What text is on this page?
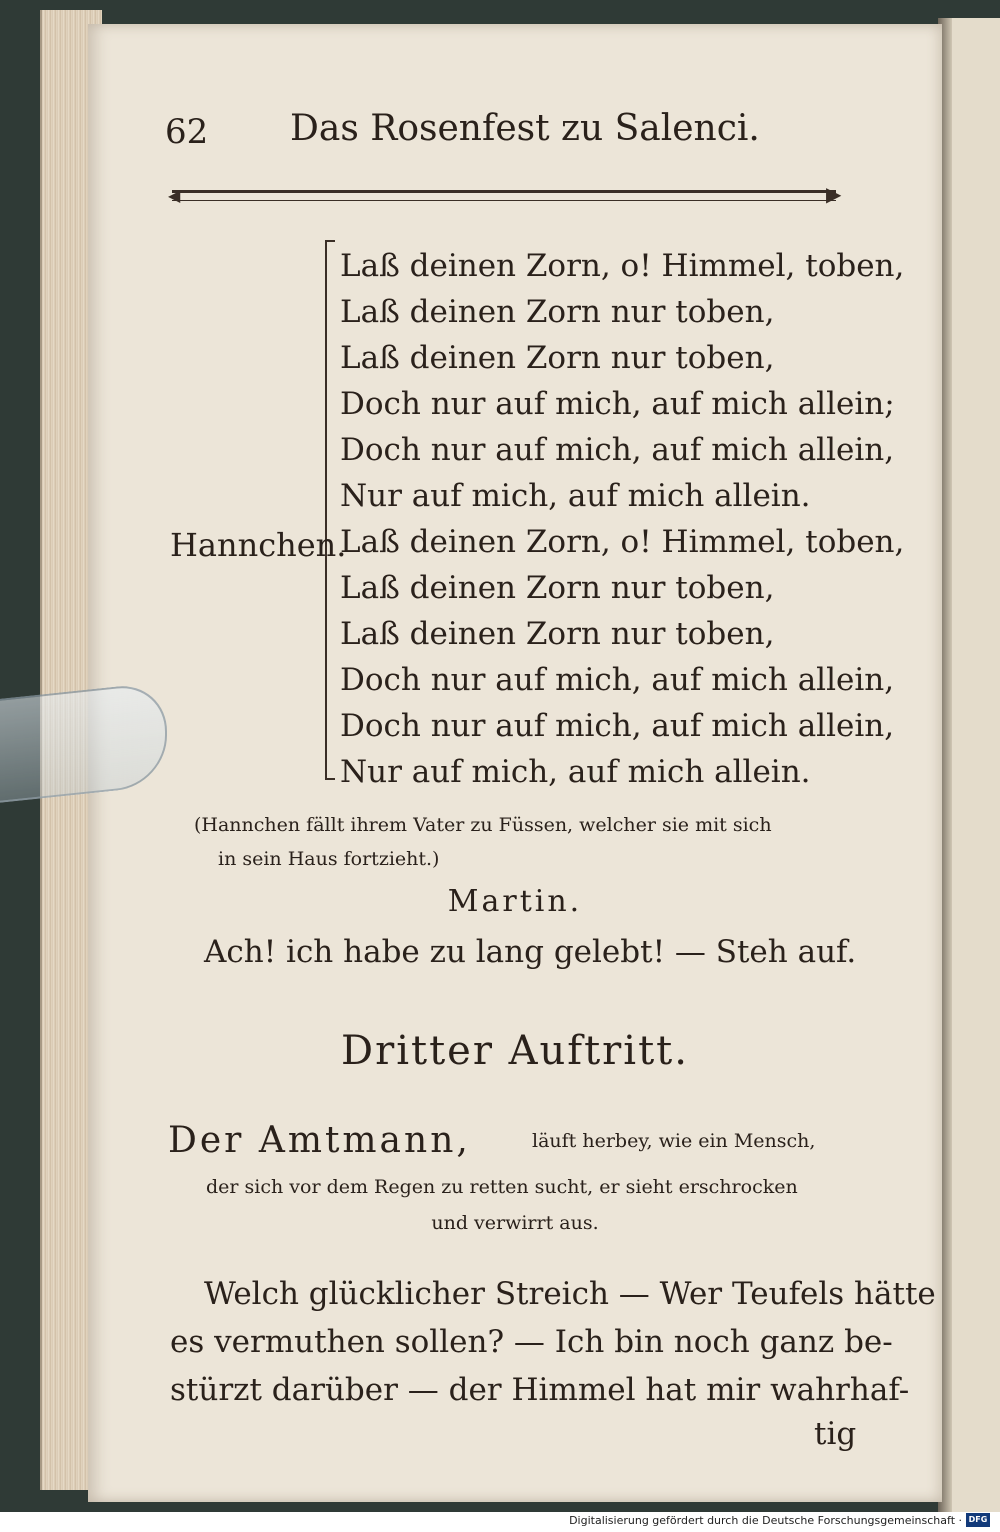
62 Das Rosenfest zu Salenci.
◀	▶
Hannchen.
Laß deinen Zorn, o! Himmel, toben,
Laß deinen Zorn nur toben,
Laß deinen Zorn nur toben,
Doch nur auf mich, auf mich allein;
Doch nur auf mich, auf mich allein,
Nur auf mich, auf mich allein.
Laß deinen Zorn, o! Himmel, toben,
Laß deinen Zorn nur toben,
Laß deinen Zorn nur toben,
Doch nur auf mich, auf mich allein,
Doch nur auf mich, auf mich allein,
Nur auf mich, auf mich allein.
(Hannchen fällt ihrem Vater zu Füssen, welcher sie mit sich
in sein Haus fortzieht.)
Martin.
Ach! ich habe zu lang gelebt! — Steh auf.
Dritter Auftritt.
Der Amtmann,	läuft herbey, wie ein Mensch,
der sich vor dem Regen zu retten sucht, er sieht erschrocken
und verwirrt aus.
Welch glücklicher Streich — Wer Teufels hätte
es vermuthen sollen? — Ich bin noch ganz be-
stürzt darüber — der Himmel hat mir wahrhaf-
tig
Digitalisierung gefördert durch die Deutsche Forschungsgemeinschaft · DFG
